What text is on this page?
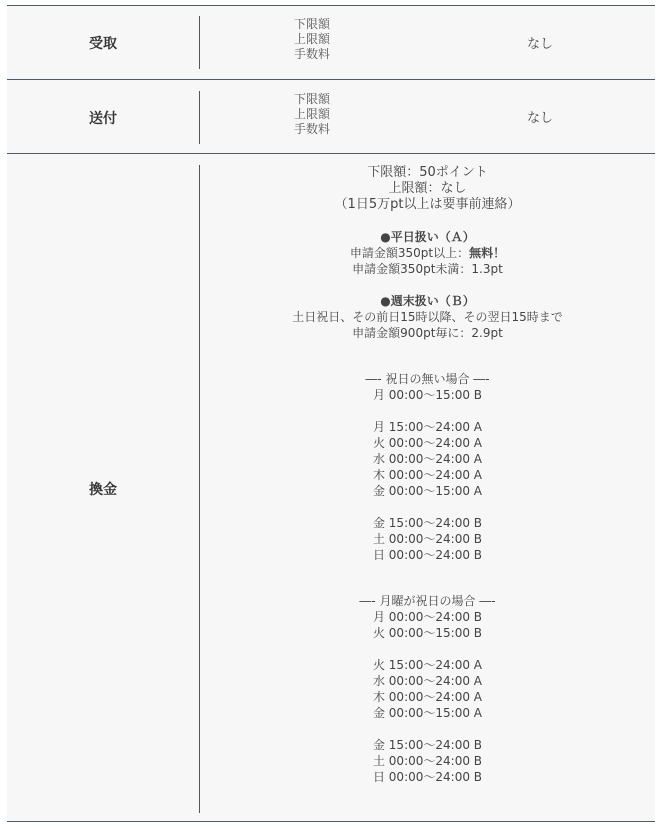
受取
下限額
上限額
手数料
なし
送付
下限額
上限額
手数料
なし
換金
下限額：50ポイント
上限額：なし
（1日5万pt以上は要事前連絡）
●平日扱い（Ａ）
申請金額350pt以上：無料！
申請金額350pt未満：1.3pt
●週末扱い（Ｂ）
土日祝日、その前日15時以降、その翌日15時まで
申請金額900pt毎に：2.9pt
―- 祝日の無い場合 ―-
月 00:00～15:00 B
月 15:00～24:00 A
火 00:00～24:00 A
水 00:00～24:00 A
木 00:00～24:00 A
金 00:00～15:00 A
金 15:00～24:00 B
土 00:00～24:00 B
日 00:00～24:00 B
―- 月曜が祝日の場合 ―-
月 00:00～24:00 B
火 00:00～15:00 B
火 15:00～24:00 A
水 00:00～24:00 A
木 00:00～24:00 A
金 00:00～15:00 A
金 15:00～24:00 B
土 00:00～24:00 B
日 00:00～24:00 B
